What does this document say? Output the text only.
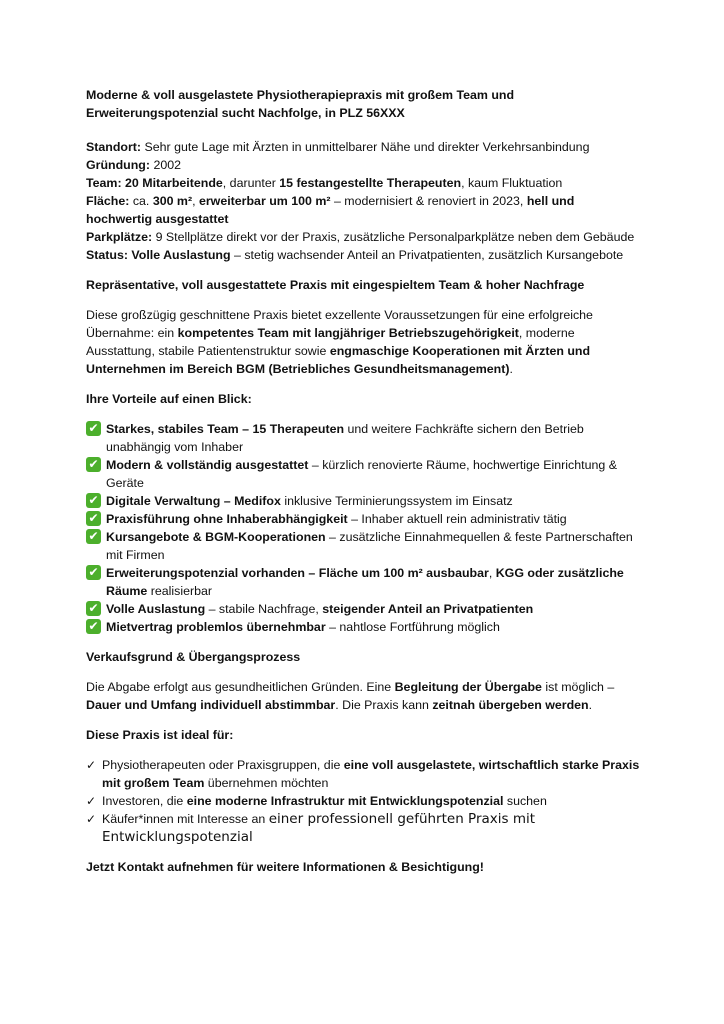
Moderne & voll ausgelastete Physiotherapiepraxis mit großem Team und Erweiterungspotenzial sucht Nachfolge, in PLZ 56XXX

Standort: Sehr gute Lage mit Ärzten in unmittelbarer Nähe und direkter Verkehrsanbindung

Gründung: 2002

Team: 20 Mitarbeitende, darunter 15 festangestellte Therapeuten, kaum Fluktuation

Fläche: ca. 300 m², erweiterbar um 100 m² – modernisiert & renoviert in 2023, hell und hochwertig ausgestattet

Parkplätze: 9 Stellplätze direkt vor der Praxis, zusätzliche Personalparkplätze neben dem Gebäude

Status: Volle Auslastung – stetig wachsender Anteil an Privatpatienten, zusätzlich Kursangebote

Repräsentative, voll ausgestattete Praxis mit eingespieltem Team & hoher Nachfrage

Diese großzügig geschnittene Praxis bietet exzellente Voraussetzungen für eine erfolgreiche Übernahme: ein kompetentes Team mit langjähriger Betriebszugehörigkeit, moderne Ausstattung, stabile Patientenstruktur sowie engmaschige Kooperationen mit Ärzten und Unternehmen im Bereich BGM (Betriebliches Gesundheitsmanagement).

Ihre Vorteile auf einen Blick:

✔ Starkes, stabiles Team – 15 Therapeuten und weitere Fachkräfte sichern den Betrieb unabhängig vom Inhaber

✔ Modern & vollständig ausgestattet – kürzlich renovierte Räume, hochwertige Einrichtung & Geräte

✔ Digitale Verwaltung – Medifox inklusive Terminierungssystem im Einsatz

✔ Praxisführung ohne Inhaberabhängigkeit – Inhaber aktuell rein administrativ tätig

✔ Kursangebote & BGM-Kooperationen – zusätzliche Einnahmequellen & feste Partnerschaften mit Firmen

✔ Erweiterungspotenzial vorhanden – Fläche um 100 m² ausbaubar, KGG oder zusätzliche Räume realisierbar

✔ Volle Auslastung – stabile Nachfrage, steigender Anteil an Privatpatienten

✔ Mietvertrag problemlos übernehmbar – nahtlose Fortführung möglich

Verkaufsgrund & Übergangsprozess

Die Abgabe erfolgt aus gesundheitlichen Gründen. Eine Begleitung der Übergabe ist möglich – Dauer und Umfang individuell abstimmbar. Die Praxis kann zeitnah übergeben werden.

Diese Praxis ist ideal für:

✓ Physiotherapeuten oder Praxisgruppen, die eine voll ausgelastete, wirtschaftlich starke Praxis mit großem Team übernehmen möchten

✓ Investoren, die eine moderne Infrastruktur mit Entwicklungspotenzial suchen

✓ Käufer*innen mit Interesse an einer professionell geführten Praxis mit Entwicklungspotenzial

Jetzt Kontakt aufnehmen für weitere Informationen & Besichtigung!
